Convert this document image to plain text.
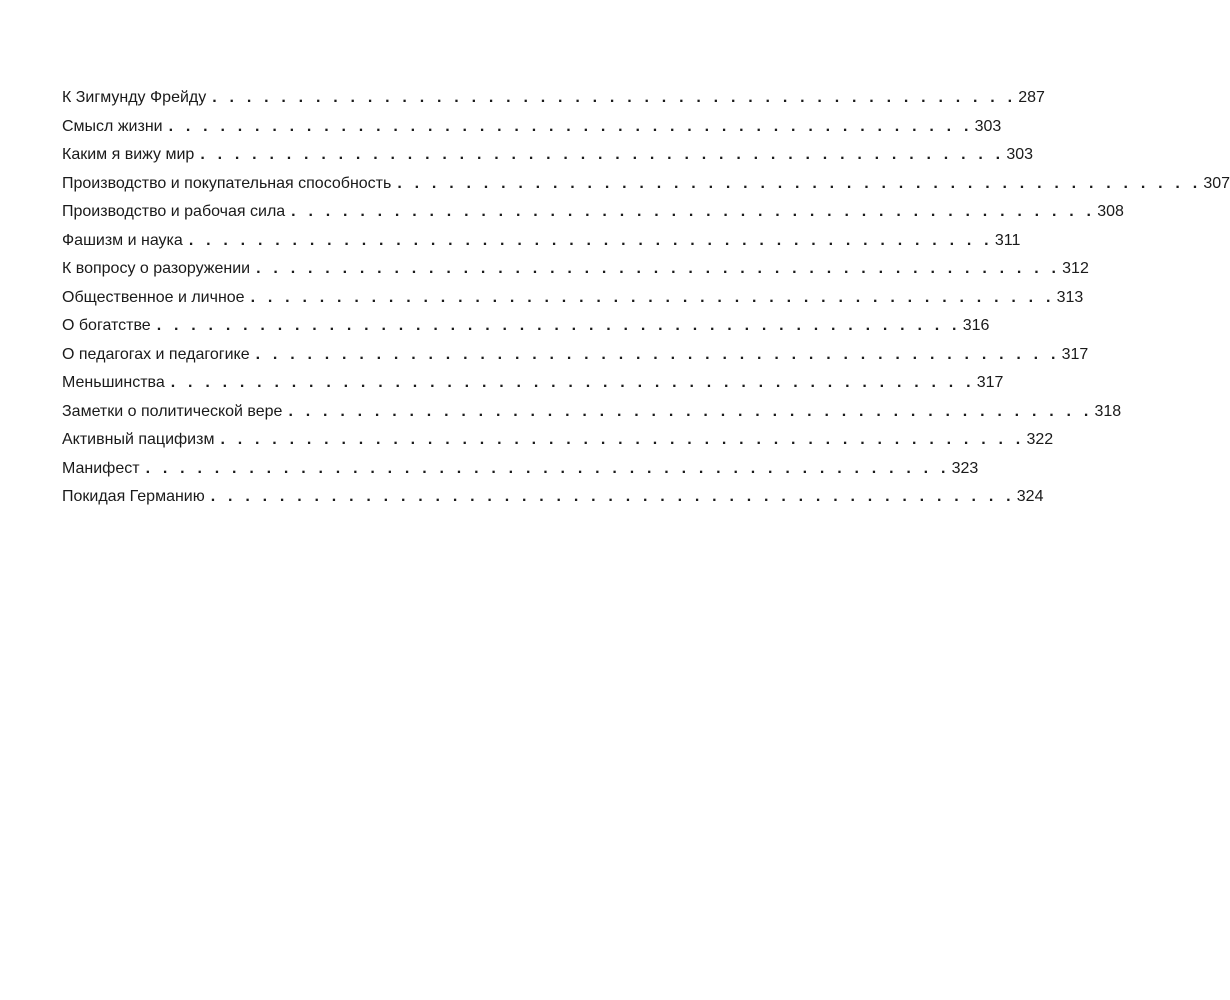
К Зигмунду Фрейду . . . . . . . . . . . . . . . . . . . . . . . . . . . . . . . . . . . . . . . . . . . . . . . 287
Смысл жизни . . . . . . . . . . . . . . . . . . . . . . . . . . . . . . . . . . . . . . . . . . . . . . . 303
Каким я вижу мир . . . . . . . . . . . . . . . . . . . . . . . . . . . . . . . . . . . . . . . . . . . . . . . 303
Производство и покупательная способность . . . . . . . . . . . . . . . . . . . . . . . . . . . . . . . . . . . . . . . . . . . . . . . 307
Производство и рабочая сила . . . . . . . . . . . . . . . . . . . . . . . . . . . . . . . . . . . . . . . . . . . . . . . 308
Фашизм и наука . . . . . . . . . . . . . . . . . . . . . . . . . . . . . . . . . . . . . . . . . . . . . . . 311
К вопросу о разоружении . . . . . . . . . . . . . . . . . . . . . . . . . . . . . . . . . . . . . . . . . . . . . . . 312
Общественное и личное . . . . . . . . . . . . . . . . . . . . . . . . . . . . . . . . . . . . . . . . . . . . . . . 313
О богатстве . . . . . . . . . . . . . . . . . . . . . . . . . . . . . . . . . . . . . . . . . . . . . . . 316
О педагогах и педагогике . . . . . . . . . . . . . . . . . . . . . . . . . . . . . . . . . . . . . . . . . . . . . . . 317
Меньшинства . . . . . . . . . . . . . . . . . . . . . . . . . . . . . . . . . . . . . . . . . . . . . . . 317
Заметки о политической вере . . . . . . . . . . . . . . . . . . . . . . . . . . . . . . . . . . . . . . . . . . . . . . . 318
Активный пацифизм . . . . . . . . . . . . . . . . . . . . . . . . . . . . . . . . . . . . . . . . . . . . . . . 322
Манифест . . . . . . . . . . . . . . . . . . . . . . . . . . . . . . . . . . . . . . . . . . . . . . . 323
Покидая Германию . . . . . . . . . . . . . . . . . . . . . . . . . . . . . . . . . . . . . . . . . . . . . . . 324
